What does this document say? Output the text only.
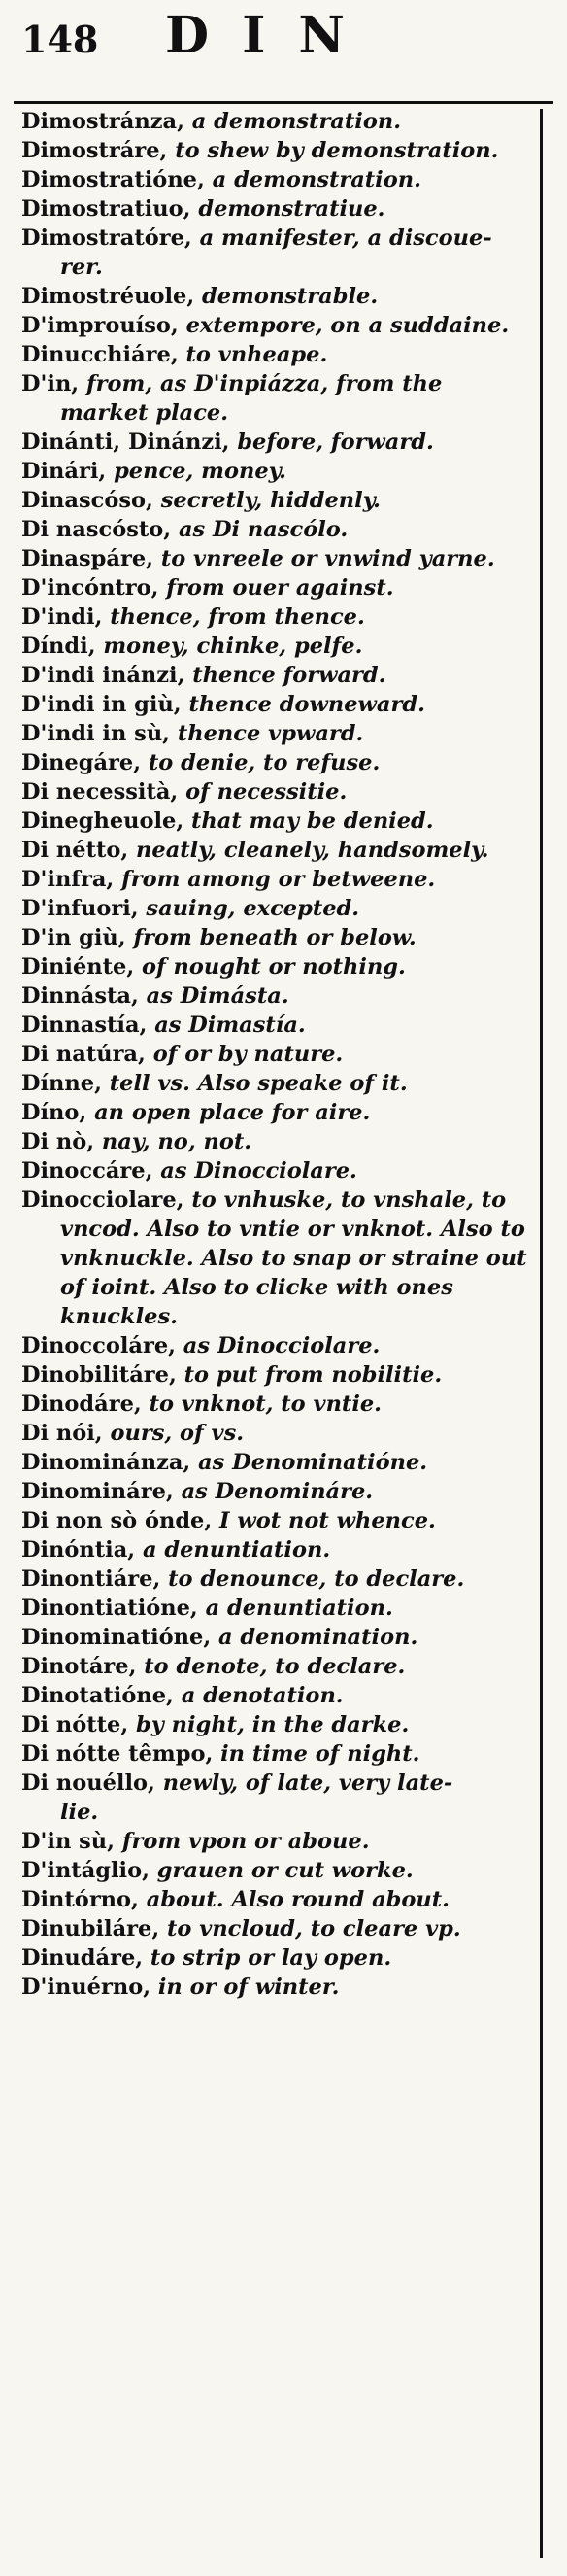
148 DIN
Dimostránza, a demonstration.
Dimostráre, to shew by demonstration.
Dimostratióne, a demonstration.
Dimostratiuo, demonstratiue.
Dimostratóre, a manifester, a discoue-
rer.
Dimostréuole, demonstrable.
D'improuíso, extempore, on a suddaine.
Dinucchiáre, to vnheape.
D'in, from, as D'inpiázza, from the
market place.
Dinánti, Dinánzi, before, forward.
Dinári, pence, money.
Dinascóso, secretly, hiddenly.
Di nascósto, as Di nascólo.
Dinaspáre, to vnreele or vnwind yarne.
D'incóntro, from ouer against.
D'indi, thence, from thence.
Díndi, money, chinke, pelfe.
D'indi inánzi, thence forward.
D'indi in giù, thence downeward.
D'indi in sù, thence vpward.
Dinegáre, to denie, to refuse.
Di necessità, of necessitie.
Dinegheuole, that may be denied.
Di nétto, neatly, cleanely, handsomely.
D'infra, from among or betweene.
D'infuori, sauing, excepted.
D'in giù, from beneath or below.
Diniénte, of nought or nothing.
Dinnásta, as Dimásta.
Dinnastía, as Dimastía.
Di natúra, of or by nature.
Dínne, tell vs. Also speake of it.
Díno, an open place for aire.
Di nò, nay, no, not.
Dinoccáre, as Dinocciolare.
Dinocciolare, to vnhuske, to vnshale, to
vncod. Also to vntie or vnknot. Also to vnknuckle. Also to snap or straine out of ioint. Also to clicke with ones knuckles.
Dinoccoláre, as Dinocciolare.
Dinobilitáre, to put from nobilitie.
Dinodáre, to vnknot, to vntie.
Di nói, ours, of vs.
Dinominánza, as Denominatióne.
Dinomináre, as Denomináre.
Di non sò ónde, I wot not whence.
Dinóntia, a denuntiation.
Dinontiáre, to denounce, to declare.
Dinontiatióne, a denuntiation.
Dinominatióne, a denomination.
Dinotáre, to denote, to declare.
Dinotatióne, a denotation.
Di nótte, by night, in the darke.
Di nótte têmpo, in time of night.
Di nouéllo, newly, of late, very late-
lie.
D'in sù, from vpon or aboue.
D'intáglio, grauen or cut worke.
Dintórno, about. Also round about.
Dinubiláre, to vncloud, to cleare vp.
Dinudáre, to strip or lay open.
D'inuérno, in or of winter.
